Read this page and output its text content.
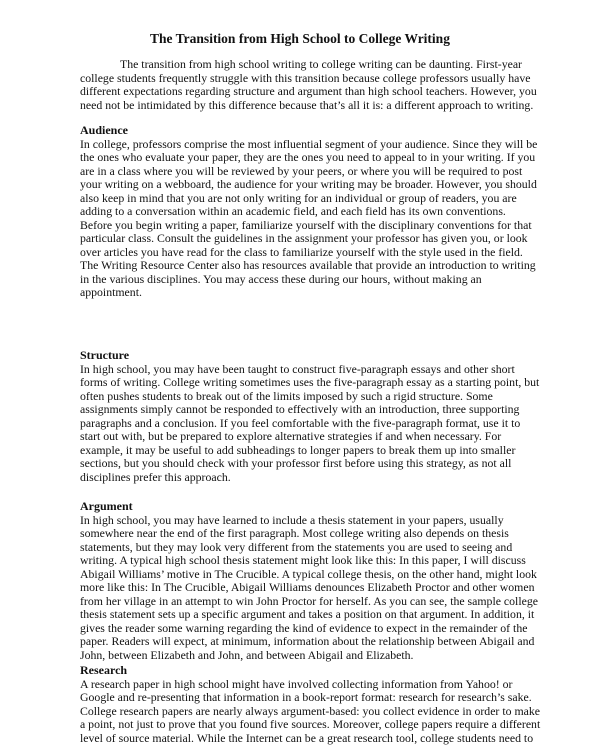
The Transition from High School to College Writing
The transition from high school writing to college writing can be daunting. First-year
college students frequently struggle with this transition because college professors usually have
different expectations regarding structure and argument than high school teachers. However, you
need not be intimidated by this difference because that’s all it is: a different approach to writing.
Audience
In college, professors comprise the most influential segment of your audience. Since they will be
the ones who evaluate your paper, they are the ones you need to appeal to in your writing. If you
are in a class where you will be reviewed by your peers, or where you will be required to post
your writing on a webboard, the audience for your writing may be broader. However, you should
also keep in mind that you are not only writing for an individual or group of readers, you are
adding to a conversation within an academic field, and each field has its own conventions.
Before you begin writing a paper, familiarize yourself with the disciplinary conventions for that
particular class. Consult the guidelines in the assignment your professor has given you, or look
over articles you have read for the class to familiarize yourself with the style used in the field.
The Writing Resource Center also has resources available that provide an introduction to writing
in the various disciplines. You may access these during our hours, without making an
appointment.
Structure
In high school, you may have been taught to construct five-paragraph essays and other short
forms of writing. College writing sometimes uses the five-paragraph essay as a starting point, but
often pushes students to break out of the limits imposed by such a rigid structure. Some
assignments simply cannot be responded to effectively with an introduction, three supporting
paragraphs and a conclusion. If you feel comfortable with the five-paragraph format, use it to
start out with, but be prepared to explore alternative strategies if and when necessary. For
example, it may be useful to add subheadings to longer papers to break them up into smaller
sections, but you should check with your professor first before using this strategy, as not all
disciplines prefer this approach.
Argument
In high school, you may have learned to include a thesis statement in your papers, usually
somewhere near the end of the first paragraph. Most college writing also depends on thesis
statements, but they may look very different from the statements you are used to seeing and
writing. A typical high school thesis statement might look like this: In this paper, I will discuss
Abigail Williams’ motive in The Crucible. A typical college thesis, on the other hand, might look
more like this: In The Crucible, Abigail Williams denounces Elizabeth Proctor and other women
from her village in an attempt to win John Proctor for herself. As you can see, the sample college
thesis statement sets up a specific argument and takes a position on that argument. In addition, it
gives the reader some warning regarding the kind of evidence to expect in the remainder of the
paper. Readers will expect, at minimum, information about the relationship between Abigail and
John, between Elizabeth and John, and between Abigail and Elizabeth.
Research
A research paper in high school might have involved collecting information from Yahoo! or
Google and re-presenting that information in a book-report format: research for research’s sake.
College research papers are nearly always argument-based: you collect evidence in order to make
a point, not just to prove that you found five sources. Moreover, college papers require a different
level of source material. While the Internet can be a great research tool, college students need to
